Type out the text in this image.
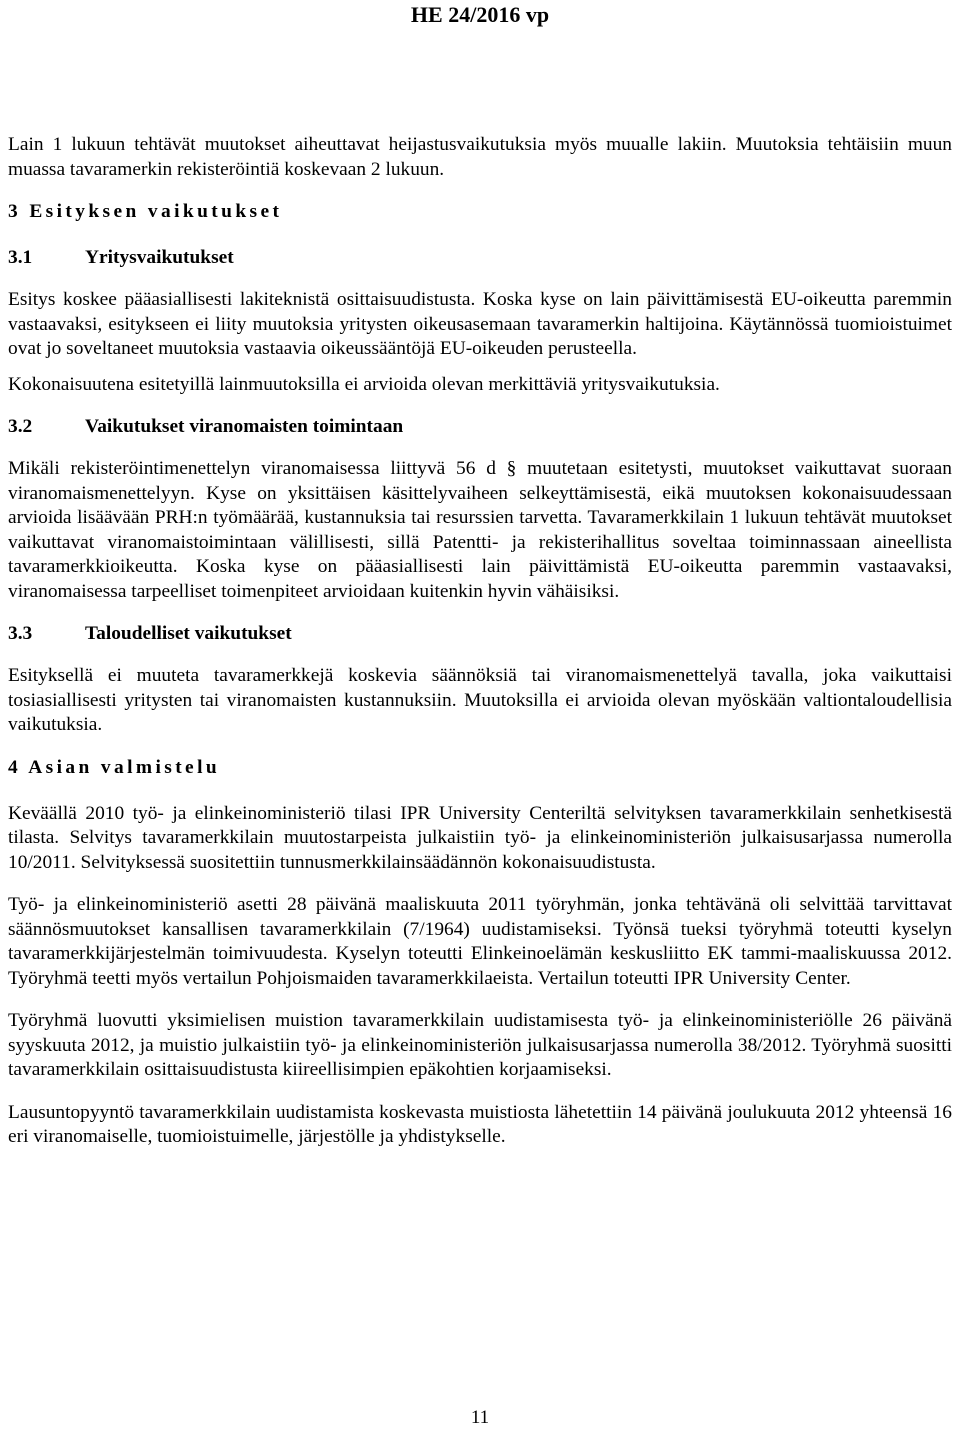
HE 24/2016 vp

Lain 1 lukuun tehtävät muutokset aiheuttavat heijastusvaikutuksia myös muualle lakiin. Muutoksia tehtäisiin muun muassa tavaramerkin rekisteröintiä koskevaan 2 lukuun.

3 Esityksen vaikutukset
3.1	Yritysvaikutukset

Esitys koskee pääasiallisesti lakiteknistä osittaisuudistusta. Koska kyse on lain päivittämisestä EU-oikeutta paremmin vastaavaksi, esitykseen ei liity muutoksia yritysten oikeusasemaan tavaramerkin haltijoina. Käytännössä tuomioistuimet ovat jo soveltaneet muutoksia vastaavia oikeussääntöjä EU-oikeuden perusteella.

Kokonaisuutena esitetyillä lainmuutoksilla ei arvioida olevan merkittäviä yritysvaikutuksia.

3.2	Vaikutukset viranomaisten toimintaan

Mikäli rekisteröintimenettelyn viranomaisessa liittyvä 56 d § muutetaan esitetysti, muutokset vaikuttavat suoraan viranomaismenettelyyn. Kyse on yksittäisen käsittelyvaiheen selkeyttämisestä, eikä muutoksen kokonaisuudessaan arvioida lisäävään PRH:n työmäärää, kustannuksia tai resurssien tarvetta. Tavaramerkkilain 1 lukuun tehtävät muutokset vaikuttavat viranomaistoimintaan välillisesti, sillä Patentti- ja rekisterihallitus soveltaa toiminnassaan aineellista tavaramerkkioikeutta. Koska kyse on pääasiallisesti lain päivittämistä EU-oikeutta paremmin vastaavaksi, viranomaisessa tarpeelliset toimenpiteet arvioidaan kuitenkin hyvin vähäisiksi.

3.3	Taloudelliset vaikutukset

Esityksellä ei muuteta tavaramerkkejä koskevia säännöksiä tai viranomaismenettelyä tavalla, joka vaikuttaisi tosiasiallisesti yritysten tai viranomaisten kustannuksiin. Muutoksilla ei arvioida olevan myöskään valtiontaloudellisia vaikutuksia.

4 Asian valmistelu

Keväällä 2010 työ- ja elinkeinoministeriö tilasi IPR University Centeriltä selvityksen tavaramerkkilain senhetkisestä tilasta. Selvitys tavaramerkkilain muutostarpeista julkaistiin työ- ja elinkeinoministeriön julkaisusarjassa numerolla 10/2011. Selvityksessä suositettiin tunnusmerkkilainsäädännön kokonaisuudistusta.

Työ- ja elinkeinoministeriö asetti 28 päivänä maaliskuuta 2011 työryhmän, jonka tehtävänä oli selvittää tarvittavat säännösmuutokset kansallisen tavaramerkkilain (7/1964) uudistamiseksi. Työnsä tueksi työryhmä toteutti kyselyn tavaramerkkijärjestelmän toimivuudesta. Kyselyn toteutti Elinkeinoelämän keskusliitto EK tammi-maaliskuussa 2012. Työryhmä teetti myös vertailun Pohjoismaiden tavaramerkkilaeista. Vertailun toteutti IPR University Center.

Työryhmä luovutti yksimielisen muistion tavaramerkkilain uudistamisesta työ- ja elinkeinoministeriölle 26 päivänä syyskuuta 2012, ja muistio julkaistiin työ- ja elinkeinoministeriön julkaisusarjassa numerolla 38/2012. Työryhmä suositti tavaramerkkilain osittaisuudistusta kiireellisimpien epäkohtien korjaamiseksi.

Lausuntopyyntö tavaramerkkilain uudistamista koskevasta muistiosta lähetettiin 14 päivänä joulukuuta 2012 yhteensä 16 eri viranomaiselle, tuomioistuimelle, järjestölle ja yhdistykselle.

11
